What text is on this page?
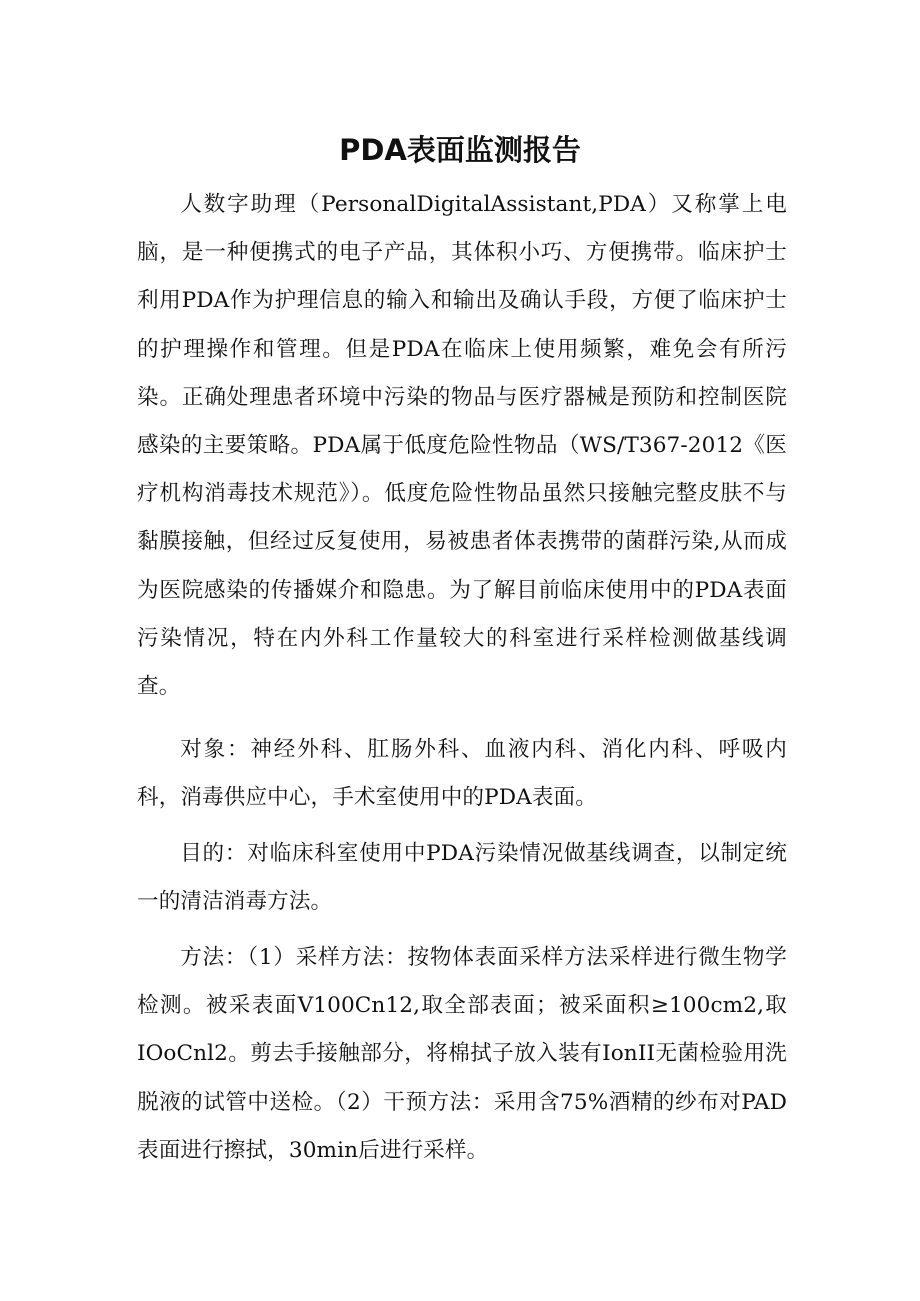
PDA表面监测报告

人数字助理（PersonalDigitalAssistant,PDA）又称掌上电脑，是一种便携式的电子产品，其体积小巧、方便携带。临床护士利用PDA作为护理信息的输入和输出及确认手段，方便了临床护士的护理操作和管理。但是PDA在临床上使用频繁，难免会有所污染。正确处理患者环境中污染的物品与医疗器械是预防和控制医院感染的主要策略。PDA属于低度危险性物品（WS/T367-2012《医疗机构消毒技术规范》）。低度危险性物品虽然只接触完整皮肤不与黏膜接触，但经过反复使用，易被患者体表携带的菌群污染,从而成为医院感染的传播媒介和隐患。为了解目前临床使用中的PDA表面污染情况，特在内外科工作量较大的科室进行采样检测做基线调查。

对象：神经外科、肛肠外科、血液内科、消化内科、呼吸内科，消毒供应中心，手术室使用中的PDA表面。

目的：对临床科室使用中PDA污染情况做基线调查，以制定统一的清洁消毒方法。

方法：（1）采样方法：按物体表面采样方法采样进行微生物学检测。被采表面V100Cn12,取全部表面；被采面积≥100cm2,取IOoCnl2。剪去手接触部分，将棉拭子放入装有IonII无菌检验用洗脱液的试管中送检。（2）干预方法：采用含75%酒精的纱布对PAD表面进行擦拭，30min后进行采样。
